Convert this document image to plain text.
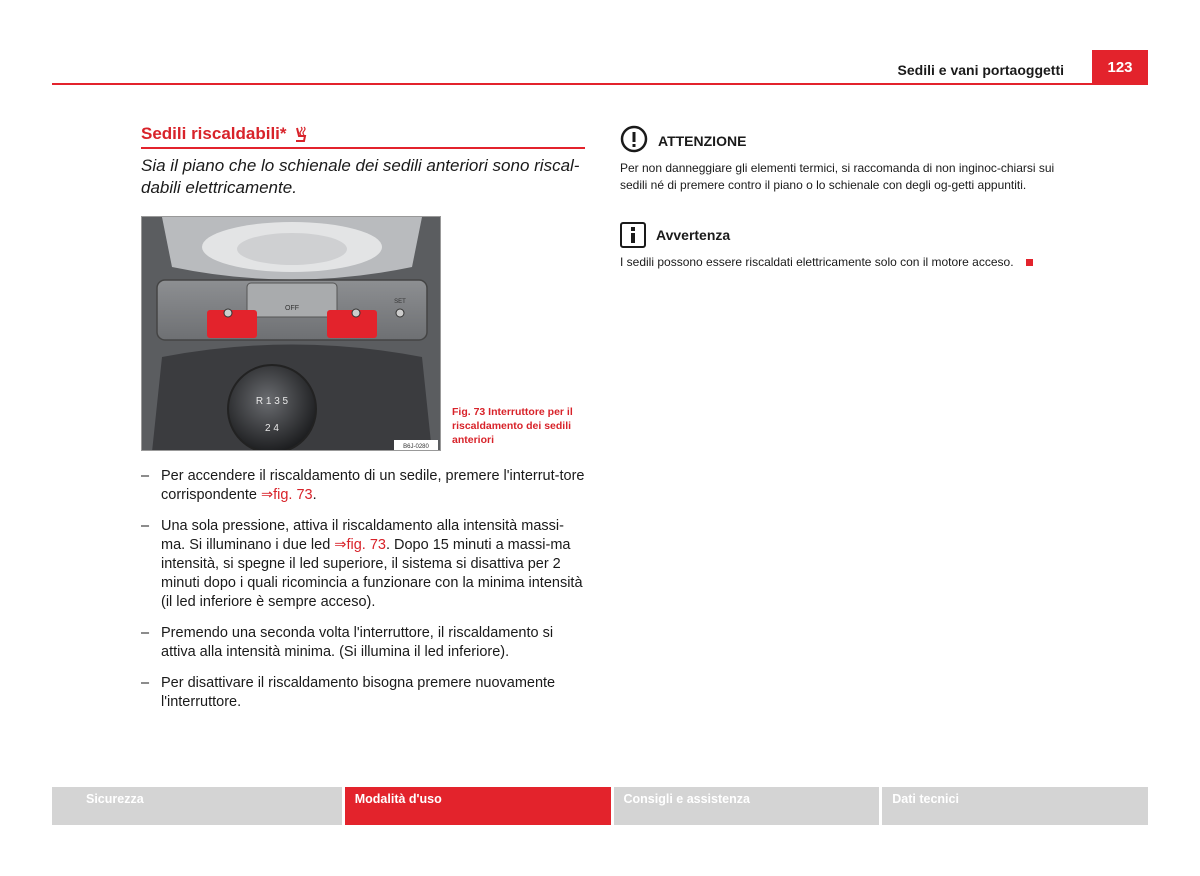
Sedili e vani portaoggetti	123
Sedili riscaldabili*
Sia il piano che lo schienale dei sedili anteriori sono riscal-dabili elettricamente.
OFF
SET
R 1 3 5
2 4
B6J-0280
Fig. 73 Interruttore per il riscaldamento dei sedili anteriori
– Per accendere il riscaldamento di un sedile, premere l'interrut-tore corrispondente ⇒fig. 73.
– Una sola pressione, attiva il riscaldamento alla intensità massi-ma. Si illuminano i due led ⇒fig. 73. Dopo 15 minuti a massi-ma intensità, si spegne il led superiore, il sistema si disattiva per 2 minuti dopo i quali ricomincia a funzionare con la minima intensità (il led inferiore è sempre acceso).
– Premendo una seconda volta l'interruttore, il riscaldamento si attiva alla intensità minima. (Si illumina il led inferiore).
– Per disattivare il riscaldamento bisogna premere nuovamente l'interruttore.
ATTENZIONE
Per non danneggiare gli elementi termici, si raccomanda di non inginoc-chiarsi sui sedili né di premere contro il piano o lo schienale con degli og-getti appuntiti.
Avvertenza
I sedili possono essere riscaldati elettricamente solo con il motore acceso.
Sicurezza	Modalità d'uso	Consigli e assistenza	Dati tecnici
